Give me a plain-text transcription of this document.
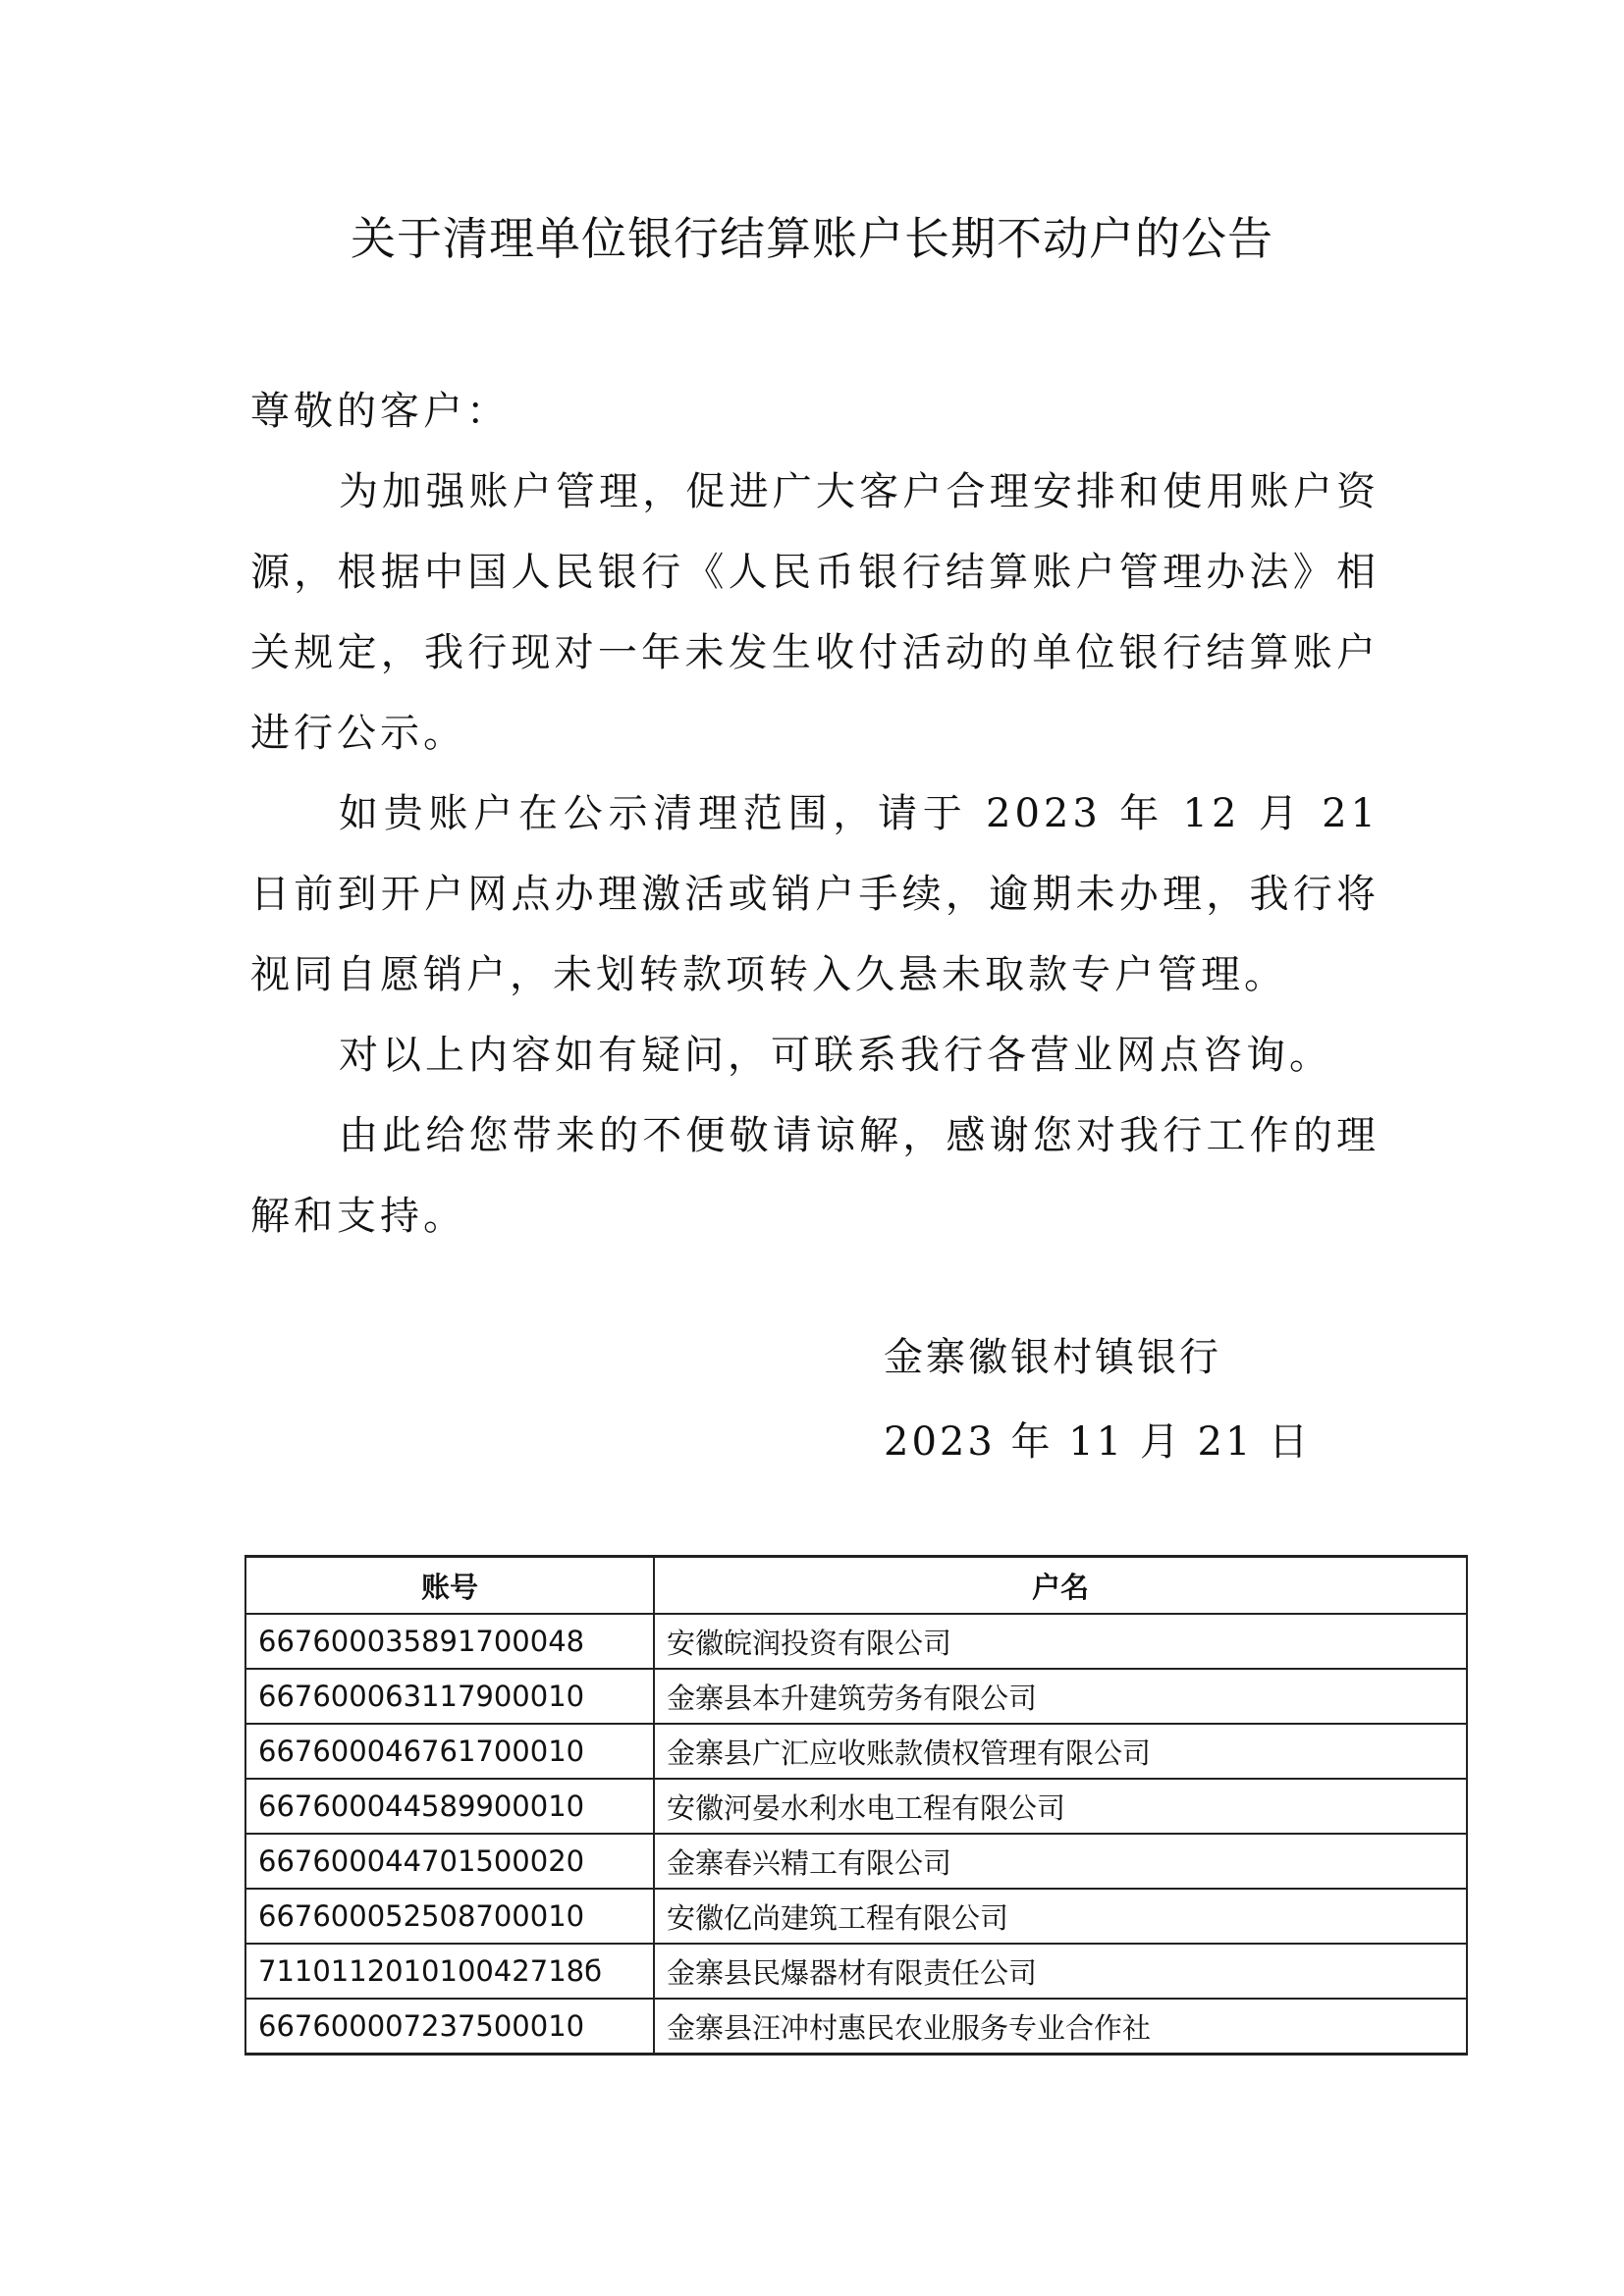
关于清理单位银行结算账户长期不动户的公告

尊敬的客户：

为加强账户管理，促进广大客户合理安排和使用账户资源，根据中国人民银行《人民币银行结算账户管理办法》相关规定，我行现对一年未发生收付活动的单位银行结算账户进行公示。

如贵账户在公示清理范围，请于 2023 年 12 月 21 日前到开户网点办理激活或销户手续，逾期未办理，我行将视同自愿销户，未划转款项转入久悬未取款专户管理。

对以上内容如有疑问，可联系我行各营业网点咨询。

由此给您带来的不便敬请谅解，感谢您对我行工作的理解和支持。

金寨徽银村镇银行
2023 年 11 月 21 日
账号	户名
667600035891700048	安徽皖润投资有限公司
667600063117900010	金寨县本升建筑劳务有限公司
667600046761700010	金寨县广汇应收账款债权管理有限公司
667600044589900010	安徽河晏水利水电工程有限公司
667600044701500020	金寨春兴精工有限公司
667600052508700010	安徽亿尚建筑工程有限公司
711011201010042718б	金寨县民爆器材有限责任公司
667600007237500010	金寨县汪冲村惠民农业服务专业合作社
